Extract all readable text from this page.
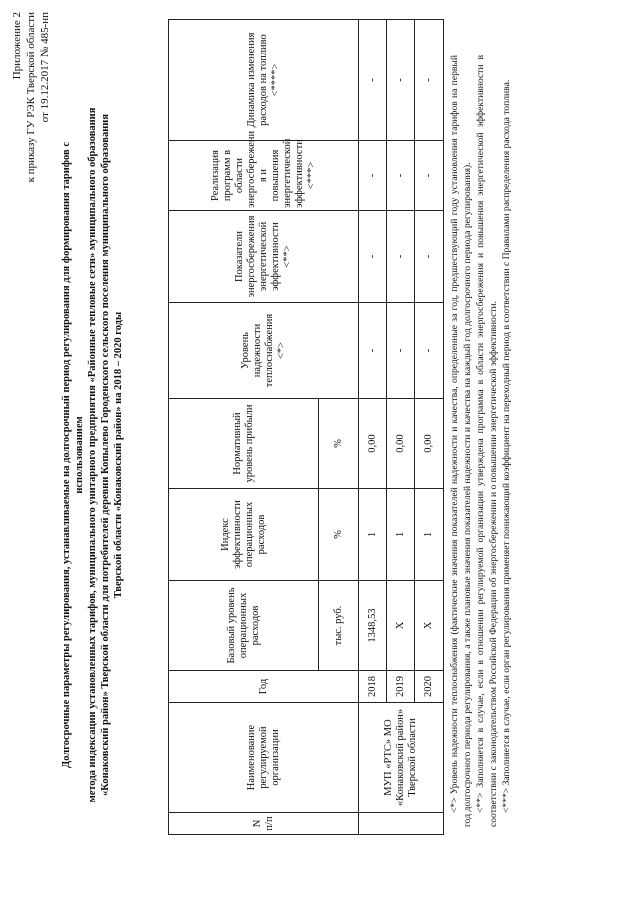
Приложение 2 к приказу ГУ РЭК Тверской области от 19.12.2017 № 485-нп
Долгосрочные параметры регулирования, устанавливаемые на долгосрочный период регулирования для формирования тарифов с использованием метода индексации установленных тарифов, муниципального унитарного предприятия «Районные тепловые сети» муниципального образования «Конаковский район» Тверской области для потребителей деревни Копылево Городенского сельского поселения муниципального образования Тверской области «Конаковский район» на 2018 – 2020 годы
N п/п	Наименование регулируемой организации	Год	Базовый уровень операционных расходов	Индекс эффективности операционных расходов	Нормативный уровень прибыли	Уровень надежности теплоснабжения <*>	Показатели энергосбережения энергетической эффективности <**>	Реализация программ в области энергосбережени я и повышения энергетической эффективности <***>	Динамика изменения расходов на топливо <****>
			тыс. руб.	%	%				
	МУП «РТС» МО «Конаковский район» Тверской области	2018	1348,53	1	0,00	-	-	-	-
		2019	Х	1	0,00	-	-	-	-
		2020	Х	1	0,00	-	-	-	- <*> Уровень надежности теплоснабжения (фактические значения показателей надежности и качества, определенные за год, предшествующий году установления тарифов на первый год долгосрочного периода регулирования, а также плановые значения показателей надежности и качества на каждый год долгосрочного периода регулирования). <**> Заполняется в случае, если в отношении регулируемой организации утверждена программа в области энергосбережения и повышения энергетической эффективности в соответствии с законодательством Российской Федерации об энергосбережении и о повышении энергетической эффективности. <***> Заполняется в случае, если орган регулирования применяет понижающий коэффициент на переходный период в соответствии с Правилами распределения расхода топлива.
